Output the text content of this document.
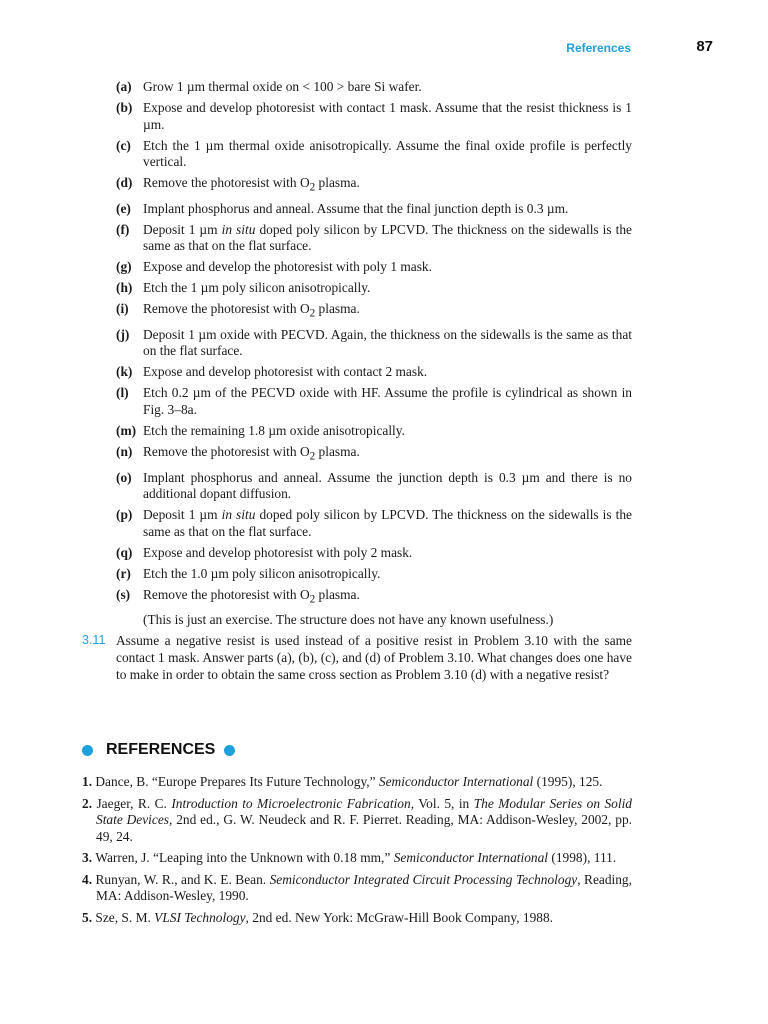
References	87
(a) Grow 1 µm thermal oxide on < 100 > bare Si wafer.
(b) Expose and develop photoresist with contact 1 mask. Assume that the resist thickness is 1 µm.
(c) Etch the 1 µm thermal oxide anisotropically. Assume the final oxide profile is perfectly vertical.
(d) Remove the photoresist with $O_2$ plasma.
(e) Implant phosphorus and anneal. Assume that the final junction depth is 0.3 µm.
(f)	Deposit 1 µm in situ doped poly silicon by LPCVD. The thickness on the sidewalls is the same as that on the flat surface.
(g) Expose and develop the photoresist with poly 1 mask.
(h) Etch the 1 µm poly silicon anisotropically.
(i)	Remove the photoresist with $O_2$ plasma.
(j)	Deposit 1 µm oxide with PECVD. Again, the thickness on the sidewalls is the same as that on the flat surface.
(k) Expose and develop photoresist with contact 2 mask.
(l)	Etch 0.2 µm of the PECVD oxide with HF. Assume the profile is cylindrical as shown in Fig. 3–8a.
(m) Etch the remaining 1.8 µm oxide anisotropically.
(n) Remove the photoresist with $O_2$ plasma.
(o) Implant phosphorus and anneal. Assume the junction depth is 0.3 µm and there is no additional dopant diffusion.
(p) Deposit 1 µm in situ doped poly silicon by LPCVD. The thickness on the sidewalls is the same as that on the flat surface.
(q) Expose and develop photoresist with poly 2 mask.
(r) Etch the 1.0 µm poly silicon anisotropically.
(s) Remove the photoresist with $O_2$ plasma.
(This is just an exercise. The structure does not have any known usefulness.)
3.11 Assume a negative resist is used instead of a positive resist in Problem 3.10 with the same contact 1 mask. Answer parts (a), (b), (c), and (d) of Problem 3.10. What changes does one have to make in order to obtain the same cross section as Problem 3.10 (d) with a negative resist?
REFERENCES
1. Dance, B. “Europe Prepares Its Future Technology,” Semiconductor International (1995), 125.
2. Jaeger, R. C. Introduction to Microelectronic Fabrication, Vol. 5, in The Modular Series on Solid State Devices, 2nd ed., G. W. Neudeck and R. F. Pierret. Reading, MA: Addison-Wesley, 2002, pp. 49, 24.
3. Warren, J. “Leaping into the Unknown with 0.18 mm,” Semiconductor International (1998), 111.
4. Runyan, W. R., and K. E. Bean. Semiconductor Integrated Circuit Processing Technology, Reading, MA: Addison-Wesley, 1990.
5. Sze, S. M. VLSI Technology, 2nd ed. New York: McGraw-Hill Book Company, 1988.
